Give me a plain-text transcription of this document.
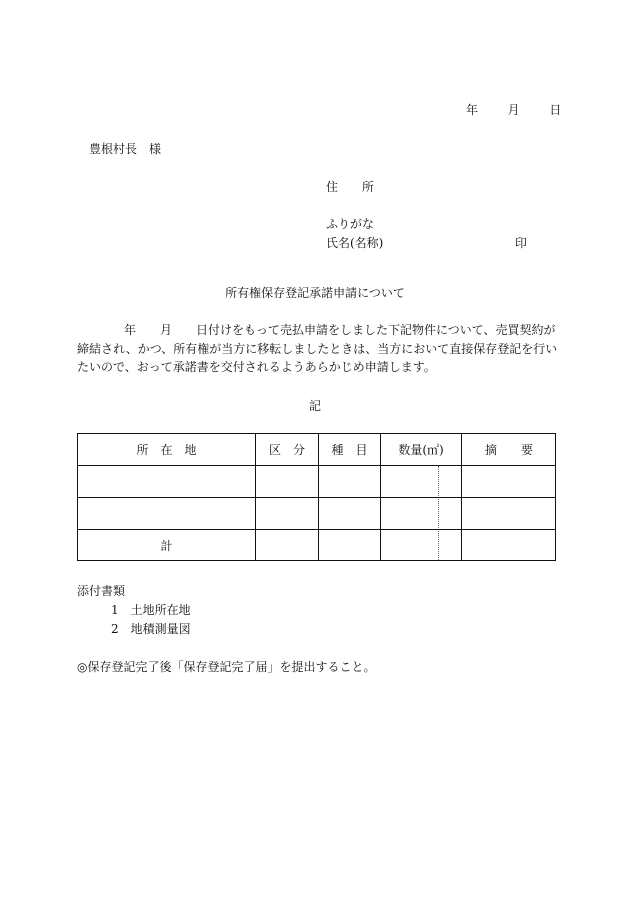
年 月 日
豊根村長　様
住　　所
ふりがな
氏名(名称)	印
所有権保存登記承諾申請について
年　　月　　日付けをもって売払申請をしました下記物件について、売買契約が
締結され、かつ、所有権が当方に移転しましたときは、当方において直接保存登記を行い
たいので、おって承諾書を交付されるようあらかじめ申請します。
記
所　在　地	区　分	種　目	数量(㎡)	摘　　要
計
添付書類
1　土地所在地
2　地積測量図
◎保存登記完了後「保存登記完了届」を提出すること。
